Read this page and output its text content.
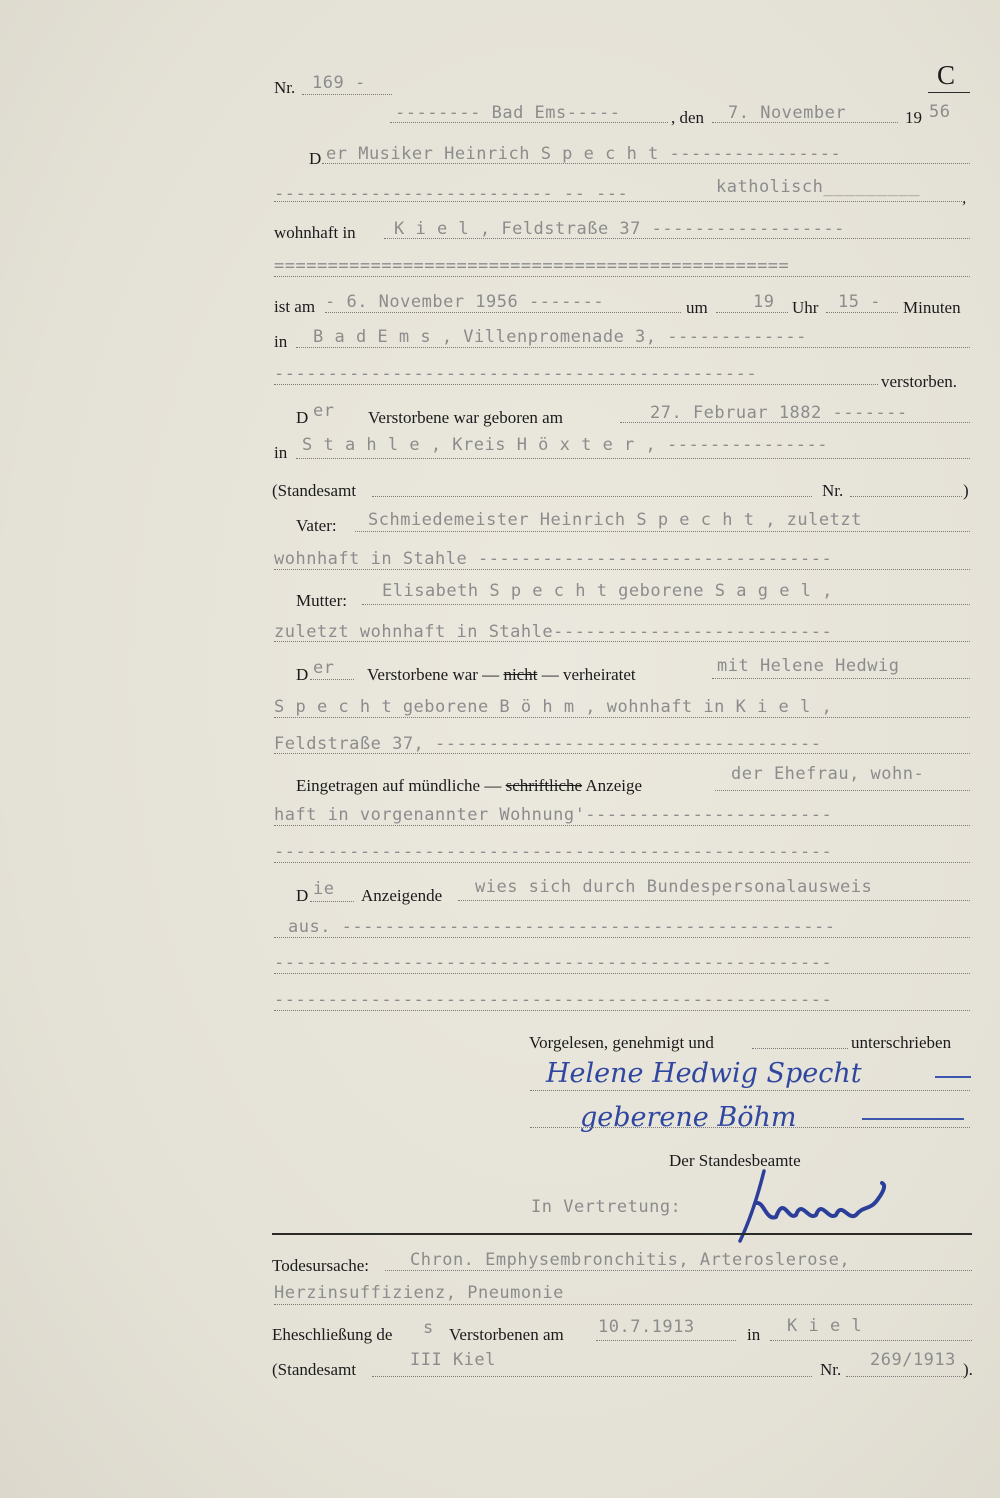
C
Nr. 169 -
-------- Bad Ems-----	, den 7. November	19 56
D er Musiker Heinrich S p e c h t ----------------
-------------------------- -- ---	katholisch_________
,
wohnhaft in K i e l , Feldstraße 37 ------------------
================================================
ist am - 6. November 1956 -------	um	19 Uhr 15 - Minuten
in B a d E m s , Villenpromenade 3, -------------
---------------------------------------------	verstorben.
D er Verstorbene war geboren am	27. Februar 1882 -------
in S t a h l e , Kreis H ö x t e r , ---------------
(Standesamt	Nr.	)
Vater: Schmiedemeister Heinrich S p e c h t , zuletzt
wohnhaft in Stahle ---------------------------------
Mutter: Elisabeth S p e c h t geborene S a g e l ,
zuletzt wohnhaft in Stahle--------------------------
D er Verstorbene war — nicht — verheiratet	mit Helene Hedwig
S p e c h t geborene B ö h m , wohnhaft in K i e l ,
Feldstraße 37, ------------------------------------
Eingetragen auf mündliche — schriftliche Anzeige
der Ehefrau, wohn-
haft in vorgenannter Wohnung'-----------------------
----------------------------------------------------
D ie Anzeigende wies sich durch Bundespersonalausweis
aus. ----------------------------------------------
----------------------------------------------------
----------------------------------------------------
Vorgelesen, genehmigt und	unterschrieben
Helene Hedwig Specht
geberene Böhm
Der Standesbeamte
In Vertretung:
Todesursache: Chron. Emphysembronchitis, Arteroslerose,
Herzinsuffizienz, Pneumonie
Eheschließung de s Verstorbenen am 10.7.1913	in K i e l
(Standesamt	III Kiel	Nr. 269/1913 ).
